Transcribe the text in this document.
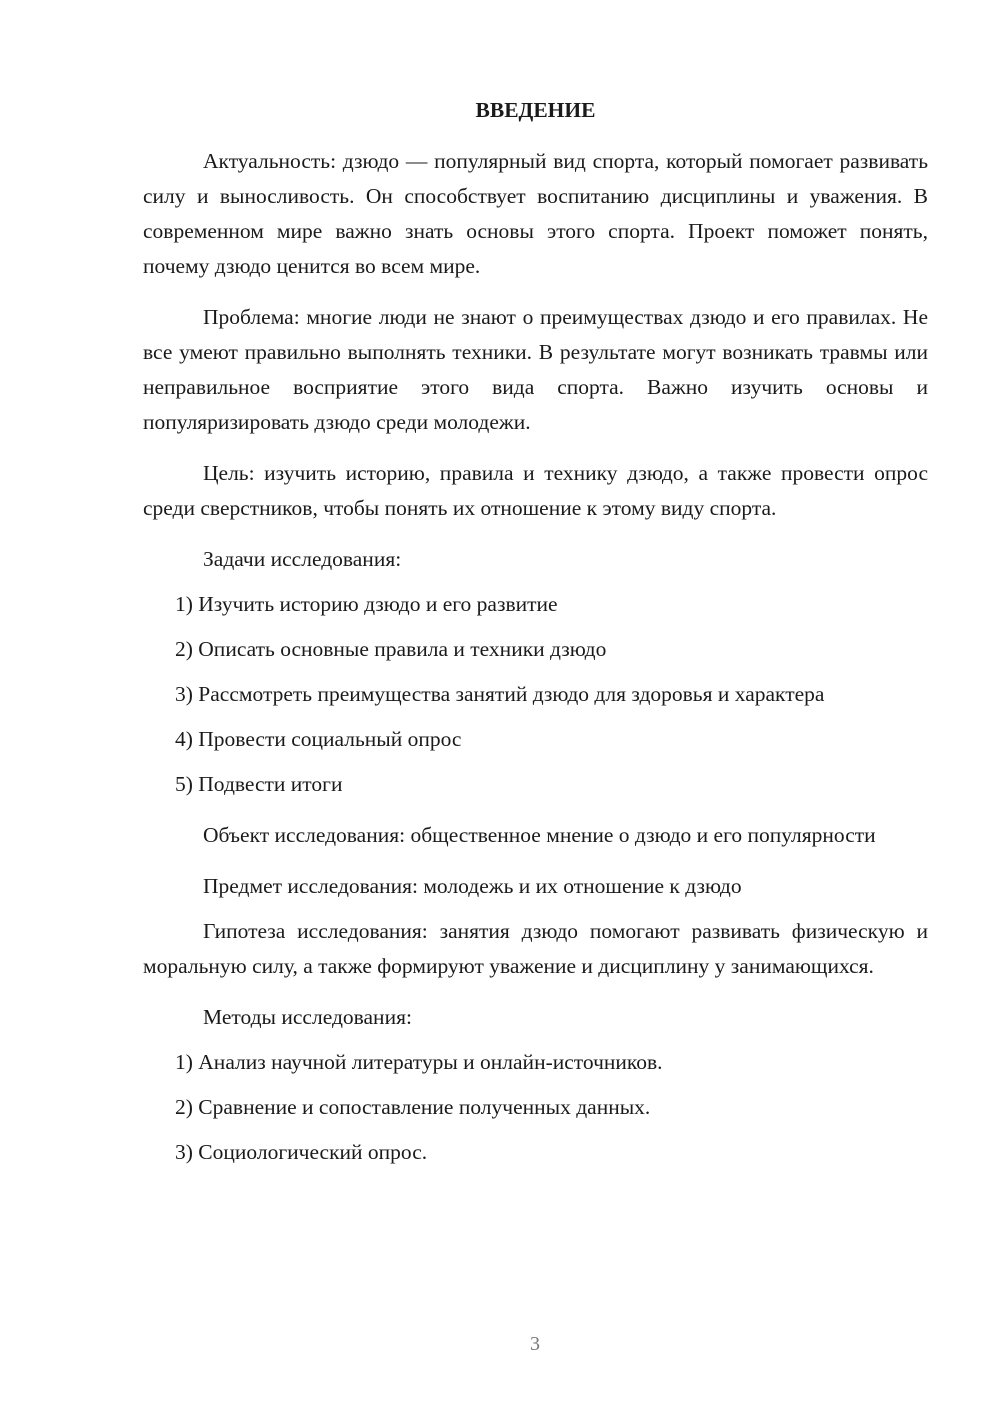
ВВЕДЕНИЕ

Актуальность: дзюдо — популярный вид спорта, который помогает развивать силу и выносливость. Он способствует воспитанию дисциплины и уважения. В современном мире важно знать основы этого спорта. Проект поможет понять, почему дзюдо ценится во всем мире.

Проблема: многие люди не знают о преимуществах дзюдо и его правилах. Не все умеют правильно выполнять техники. В результате могут возникать травмы или неправильное восприятие этого вида спорта. Важно изучить основы и популяризировать дзюдо среди молодежи.

Цель: изучить историю, правила и технику дзюдо, а также провести опрос среди сверстников, чтобы понять их отношение к этому виду спорта.

Задачи исследования:

1) Изучить историю дзюдо и его развитие

2) Описать основные правила и техники дзюдо

3) Рассмотреть преимущества занятий дзюдо для здоровья и характера

4) Провести социальный опрос

5) Подвести итоги

Объект исследования: общественное мнение о дзюдо и его популярности

Предмет исследования: молодежь и их отношение к дзюдо

Гипотеза исследования: занятия дзюдо помогают развивать физическую и моральную силу, а также формируют уважение и дисциплину у занимающихся.

Методы исследования:

1) Анализ научной литературы и онлайн-источников.

2) Сравнение и сопоставление полученных данных.

3) Социологический опрос.

3
